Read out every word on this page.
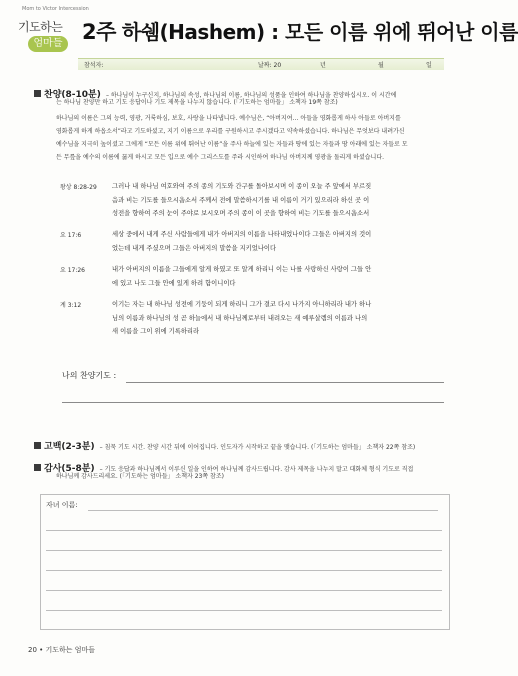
Mom to Victor Intercession
기도하는
엄마들 2주 하쉠(Hashem) : 모든 이름 위에 뛰어난 이름
참석자:	날짜: 20	년	월	일
찬양(8-10분) – 하나님이 누구신지, 하나님의 속성, 하나님의 이름, 하나님의 성품을 인하여 하나님을 찬양하십시오. 이 시간에
는 하나님 찬양만 하고 기도 응답이나 기도 제목을 나누지 않습니다. (「기도하는 엄마들」 소책자 19쪽 참조)
하나님의 이름은 그의 능력, 영광, 거룩하심, 보호, 사랑을 나타냅니다. 예수님은, “아버지여… 아들을 영화롭게 하사 아들로 아버지를
영화롭게 하게 하옵소서”라고 기도하셨고, 지기 이름으로 우리를 구원하시고 주시겠다고 약속하셨습니다. 하나님은 무엇보다 내려가신
예수님을 지극히 높이셨고 그에게 “모든 이름 위에 뛰어난 이름”을 주사 하늘에 있는 자들과 땅에 있는 자들과 땅 아래에 있는 자들로 모
든 무릎을 예수의 이름에 꿇게 하시고 모든 입으로 예수 그리스도를 주라 시인하여 하나님 아버지께 영광을 돌리게 하셨습니다.
왕상 8:28-29 그러나 내 하나님 여호와여 주의 종의 기도와 간구를 돌아보시며 이 종이 오늘 주 앞에서 부르짖
음과 비는 기도를 들으시옵소서 주께서 전에 말씀하시기를 내 이름이 거기 있으리라 하신 곳 이
성전을 향하여 주의 눈이 주야로 보시오며 주의 종이 이 곳을 향하여 비는 기도를 들으시옵소서
요 17:6	세상 중에서 내게 주신 사람들에게 내가 아버지의 이름을 나타내었나이다 그들은 아버지의 것이
었는데 내게 주셨으며 그들은 아버지의 말씀을 지키었나이다
요 17:26	내가 아버지의 이름을 그들에게 알게 하였고 또 알게 하리니 이는 나를 사랑하신 사랑이 그들 안
에 있고 나도 그들 안에 있게 하려 함이니이다
계 3:12	이기는 자는 내 하나님 성전에 기둥이 되게 하리니 그가 결코 다시 나가지 아니하리라 내가 하나
님의 이름과 하나님의 성 곧 하늘에서 내 하나님께로부터 내려오는 새 예루살렘의 이름과 나의
새 이름을 그이 위에 기록하리라
나의 찬양기도 :
고백(2-3분) – 침묵 기도 시간. 찬양 시간 뒤에 이어집니다. 인도자가 시작하고 끝을 맺습니다. (「기도하는 엄마들」 소책자 22쪽 참조)
감사(5-8분) – 기도 응답과 하나님께서 이루신 일을 인하여 하나님께 감사드립니다. 감사 제목을 나누지 말고 대화체 형식 기도로 직접
하나님께 감사드리세요. (「기도하는 엄마들」 소책자 23쪽 참조)
자녀 이름:
20 • 기도하는 엄마들
